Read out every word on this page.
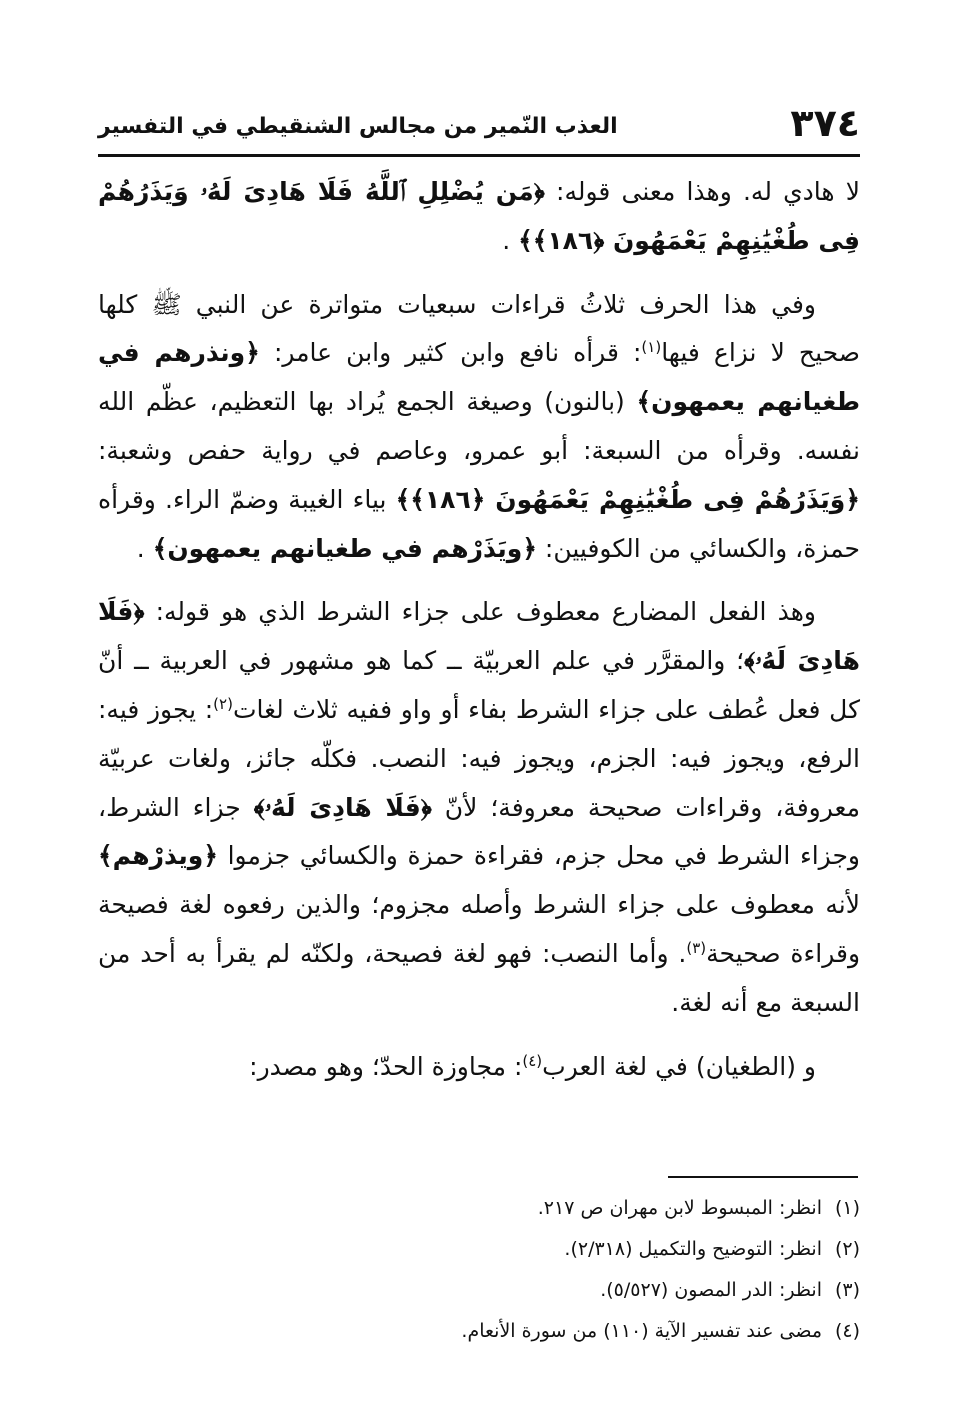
٣٧٤
العذب النّمير من مجالس الشنقيطي في التفسير

لا هادي له. وهذا معنى قوله: ﴿مَن يُضْلِلِ ٱللَّهُ فَلَا هَادِىَ لَهُۥ وَيَذَرُهُمْ فِى طُغْيَٰنِهِمْ يَعْمَهُونَ ﴿١٨٦﴾﴾ .

وفي هذا الحرف ثلاثُ قراءات سبعيات متواترة عن النبي ﷺ كلها صحيح لا نزاع فيها$^{(١)}$: قرأه نافع وابن كثير وابن عامر: ﴿ونذرهم في طغيانهم يعمهون﴾ (بالنون) وصيغة الجمع يُراد بها التعظيم، عظّم الله نفسه. وقرأه من السبعة: أبو عمرو، وعاصم في رواية حفص وشعبة: ﴿وَيَذَرُهُمْ فِى طُغْيَٰنِهِمْ يَعْمَهُونَ ﴿١٨٦﴾﴾ بياء الغيبة وضمّ الراء. وقرأه حمزة، والكسائي من الكوفيين: ﴿ويَذَرْهم في طغيانهم يعمهون﴾ .

وهذ الفعل المضارع معطوف على جزاء الشرط الذي هو قوله: ﴿فَلَا هَادِىَ لَهُۥ﴾؛ والمقرَّر في علم العربيّة ــ كما هو مشهور في العربية ــ أنّ كل فعل عُطف على جزاء الشرط بفاء أو واو ففيه ثلاث لغات$^{(٢)}$: يجوز فيه: الرفع، ويجوز فيه: الجزم، ويجوز فيه: النصب. فكلّه جائز، ولغات عربيّة معروفة، وقراءات صحيحة معروفة؛ لأنّ ﴿فَلَا هَادِىَ لَهُۥ﴾ جزاء الشرط، وجزاء الشرط في محل جزم، فقراءة حمزة والكسائي جزموا ﴿ويذرْهم﴾ لأنه معطوف على جزاء الشرط وأصله مجزوم؛ والذين رفعوه لغة فصيحة وقراءة صحيحة$^{(٣)}$. وأما النصب: فهو لغة فصيحة، ولكنّه لم يقرأ به أحد من السبعة مع أنه لغة.

و (الطغيان) في لغة العرب$^{(٤)}$: مجاوزة الحدّ؛ وهو مصدر:

(١)انظر: المبسوط لابن مهران ص ٢١٧.
(٢)انظر: التوضيح والتكميل (٢/٣١٨).
(٣)انظر: الدر المصون (٥/٥٢٧).
(٤)مضى عند تفسير الآية (١١٠) من سورة الأنعام.
